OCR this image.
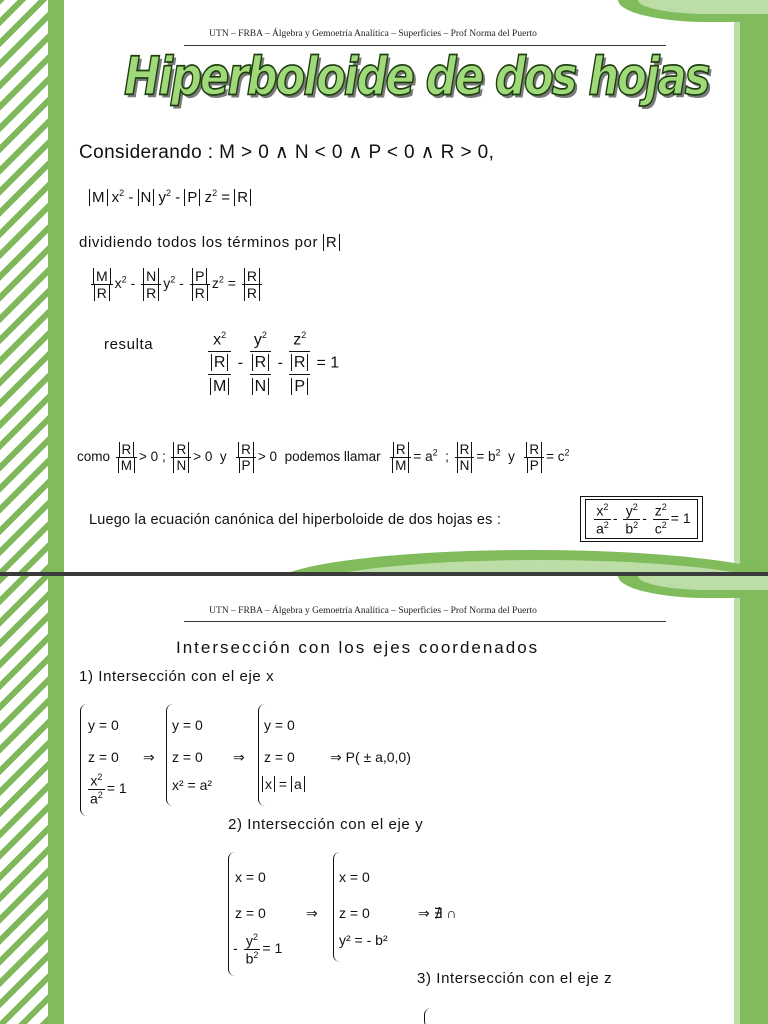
UTN – FRBA – Álgebra y Gemoetría Analítica – Superficies – Prof Norma del Puerto
Hiperboloide de dos hojas
Considerando : M > 0 ∧ N < 0 ∧ P < 0 ∧ R > 0,
M $x^2$ - N $y^2$ - P $z^2 = R$
dividiendo todos los términos por R
$\frac{M}{R} x^2 - \frac{N}{R} y^2 - \frac{P}{R} z^2 = \frac{R}{R}$
resulta	$x^2$
R
M
-
$y^2$
R
N
-
$z^2$
R
P
= 1
como $\frac{R}{M} > 0$ ; $\frac{R}{N} > 0$ y $\frac{R}{P} > 0$ podemos llamar $\frac{R}{M} = a^2$ ; $\frac{R}{N} = b^2$ y $\frac{R}{P} = c^2$
Luego la ecuación canónica del hiperboloide de dos hojas es :	$\frac{x^2}{a^2} - \frac{y^2}{b^2} - \frac{z^2}{c^2} = 1$
UTN – FRBA – Álgebra y Gemoetría Analítica – Superficies – Prof Norma del Puerto
Intersección con los ejes coordenados
1) Intersección con el eje x
y = 0
z = 0
$\frac{x^2}{a^2} = 1$
⇒
y = 0
z = 0
x² = a²
⇒
y = 0
z = 0
x = a
⇒ P( ± a,0,0)
2) Intersección con el eje y
x = 0
z = 0
- $\frac{y^2}{b^2} = 1$
⇒
x = 0
z = 0
y² = - b²
⇒ ∄ ∩
3) Intersección con el eje z
